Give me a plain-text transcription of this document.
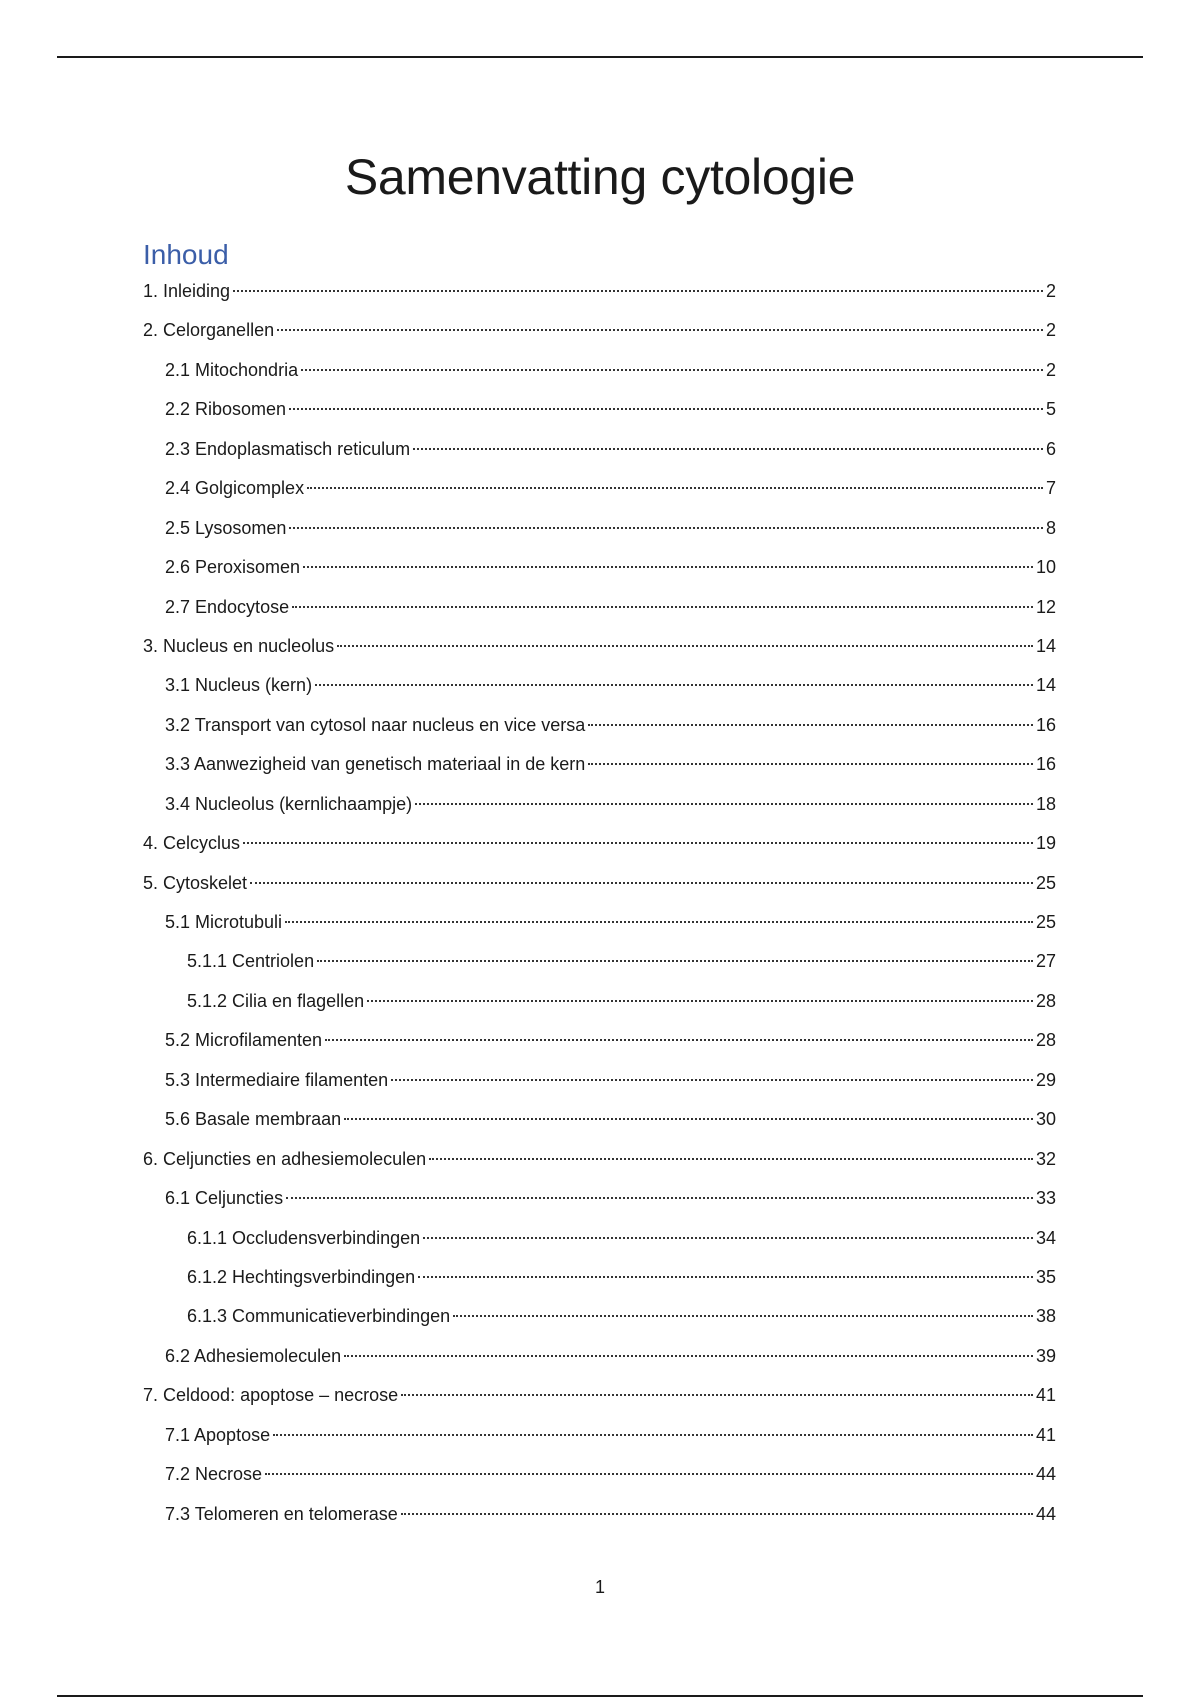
Samenvatting cytologie
Inhoud
1. Inleiding	2
2. Celorganellen	2
2.1 Mitochondria	2
2.2 Ribosomen	5
2.3 Endoplasmatisch reticulum	6
2.4 Golgicomplex	7
2.5 Lysosomen	8
2.6 Peroxisomen	10
2.7 Endocytose	12
3. Nucleus en nucleolus	14
3.1 Nucleus (kern)	14
3.2 Transport van cytosol naar nucleus en vice versa	16
3.3 Aanwezigheid van genetisch materiaal in de kern	16
3.4 Nucleolus (kernlichaampje)	18
4. Celcyclus	19
5. Cytoskelet	25
5.1 Microtubuli	25
5.1.1 Centriolen	27
5.1.2 Cilia en flagellen	28
5.2 Microfilamenten	28
5.3 Intermediaire filamenten	29
5.6 Basale membraan	30
6. Celjuncties en adhesiemoleculen	32
6.1 Celjuncties	33
6.1.1 Occludensverbindingen	34
6.1.2 Hechtingsverbindingen	35
6.1.3 Communicatieverbindingen	38
6.2 Adhesiemoleculen	39
7. Celdood: apoptose – necrose	41
7.1 Apoptose	41
7.2 Necrose	44
7.3 Telomeren en telomerase	44
1
